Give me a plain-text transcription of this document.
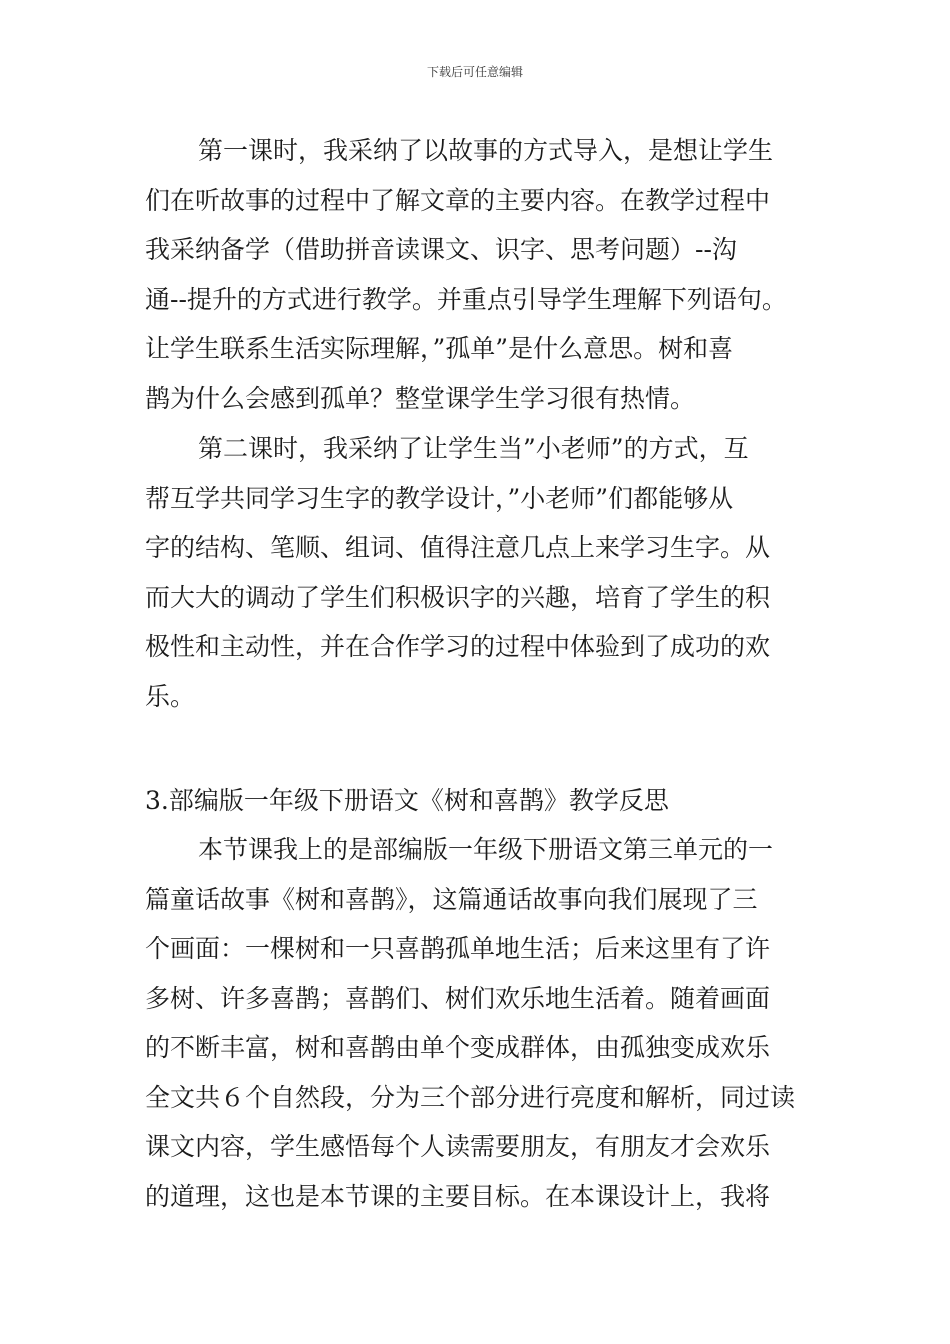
下载后可任意编辑
第一课时，我采纳了以故事的方式导入，是想让学生
们在听故事的过程中了解文章的主要内容。在教学过程中
我采纳备学（借助拼音读课文、识字、思考问题）--沟
通--提升的方式进行教学。并重点引导学生理解下列语句。
让学生联系生活实际理解，”孤单”是什么意思。树和喜
鹊为什么会感到孤单？整堂课学生学习很有热情。
第二课时，我采纳了让学生当”小老师”的方式，互
帮互学共同学习生字的教学设计，”小老师”们都能够从
字的结构、笔顺、组词、值得注意几点上来学习生字。从
而大大的调动了学生们积极识字的兴趣，培育了学生的积
极性和主动性，并在合作学习的过程中体验到了成功的欢
乐。
3.部编版一年级下册语文《树和喜鹊》教学反思
本节课我上的是部编版一年级下册语文第三单元的一
篇童话故事《树和喜鹊》，这篇通话故事向我们展现了三
个画面：一棵树和一只喜鹊孤单地生活；后来这里有了许
多树、许多喜鹊；喜鹊们、树们欢乐地生活着。随着画面
的不断丰富，树和喜鹊由单个变成群体，由孤独变成欢乐
全文共６个自然段，分为三个部分进行亮度和解析，同过读
课文内容，学生感悟每个人读需要朋友，有朋友才会欢乐
的道理，这也是本节课的主要目标。在本课设计上，我将
